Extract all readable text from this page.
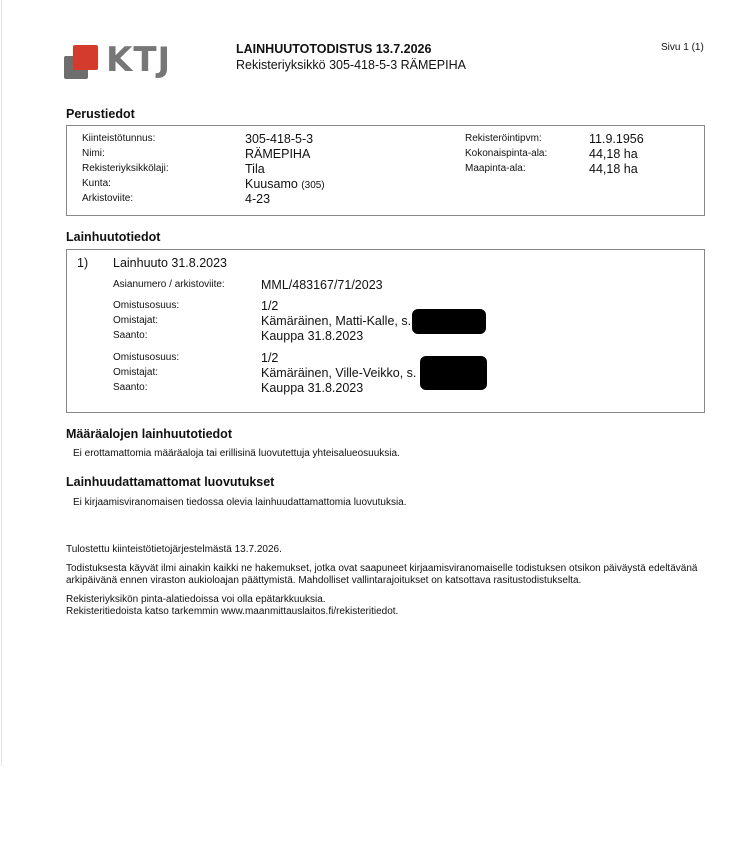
KTJ	LAINHUUTOTODISTUS 13.7.2026
Rekisteriyksikkö 305-418-5-3 RÄMEPIHA
Sivu 1 (1)
Perustiedot
Kiinteistötunnus:	305-418-5-3
Nimi:	RÄMEPIHA
Rekisteriyksikkölaji:	Tila
Kunta:	Kuusamo (305)
Arkistoviite:	4-23
Rekisteröintipvm:	11.9.1956
Kokonaispinta-ala:	44,18 ha
Maapinta-ala:	44,18 ha
Lainhuutotiedot
1) Lainhuuto 31.8.2023
Asianumero / arkistoviite:	MML/483167/71/2023
Omistusosuus:	1/2
Omistajat:	Kämäräinen, Matti-Kalle, s.
Saanto:	Kauppa 31.8.2023
Omistusosuus:	1/2
Omistajat:	Kämäräinen, Ville-Veikko, s.
Saanto:	Kauppa 31.8.2023
Määräalojen lainhuutotiedot
Ei erottamattomia määräaloja tai erillisinä luovutettuja yhteisalueosuuksia.
Lainhuudattamattomat luovutukset
Ei kirjaamisviranomaisen tiedossa olevia lainhuudattamattomia luovutuksia.
Tulostettu kiinteistötietojärjestelmästä 13.7.2026.
Todistuksesta käyvät ilmi ainakin kaikki ne hakemukset, jotka ovat saapuneet kirjaamisviranomaiselle todistuksen otsikon päiväystä edeltävänä
arkipäivänä ennen viraston aukioloajan päättymistä. Mahdolliset vallintarajoitukset on katsottava rasitustodistukselta.
Rekisteriyksikön pinta-alatiedoissa voi olla epätarkkuuksia.
Rekisteritiedoista katso tarkemmin www.maanmittauslaitos.fi/rekisteritiedot.
